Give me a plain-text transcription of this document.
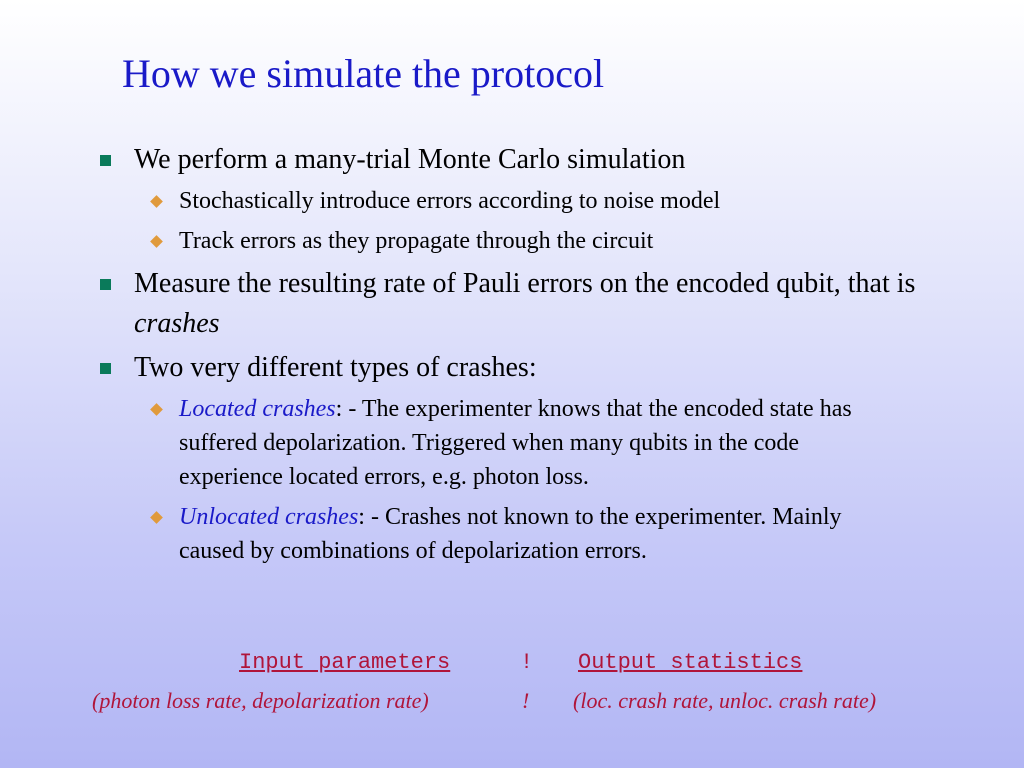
How we simulate the protocol
We perform a many-trial Monte Carlo simulation
Stochastically introduce errors according to noise model
Track errors as they propagate through the circuit
Measure the resulting rate of Pauli errors on the encoded qubit, that is crashes
Two very different types of crashes:
Located crashes: - The experimenter knows that the encoded state has suffered depolarization. Triggered when many qubits in the code experience located errors, e.g. photon loss.
Unlocated crashes: - Crashes not known to the experimenter. Mainly caused by combinations of depolarization errors.
Input parameters	! Output statistics
(photon loss rate, depolarization rate)	! (loc. crash rate, unloc. crash rate)
